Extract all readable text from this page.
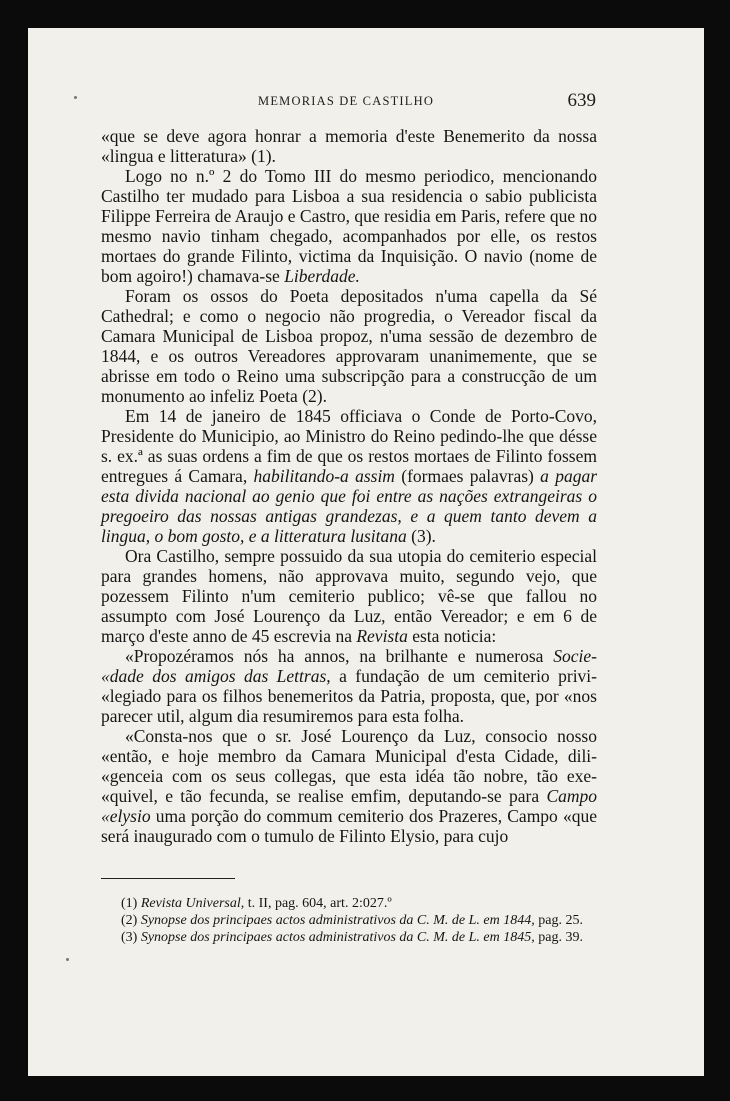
MEMORIAS DE CASTILHO	639

«que se deve agora honrar a memoria d'este Benemerito da nossa «lingua e litteratura» (1).

Logo no n.º 2 do Tomo III do mesmo periodico, mencionando Castilho ter mudado para Lisboa a sua residencia o sabio publicista Filippe Ferreira de Araujo e Castro, que residia em Paris, refere que no mesmo navio tinham chegado, acompanhados por elle, os restos mortaes do grande Filinto, victima da Inquisição. O navio (nome de bom agoiro!) chamava-se Liberdade.

Foram os ossos do Poeta depositados n'uma capella da Sé Cathedral; e como o negocio não progredia, o Vereador fiscal da Camara Municipal de Lisboa propoz, n'uma sessão de dezembro de 1844, e os outros Vereadores approvaram unanimemente, que se abrisse em todo o Reino uma subscripção para a construcção de um monumento ao infeliz Poeta (2).

Em 14 de janeiro de 1845 officiava o Conde de Porto-Covo, Presidente do Municipio, ao Ministro do Reino pedindo-lhe que désse s. ex.ª as suas ordens a fim de que os restos mortaes de Filinto fossem entregues á Camara, habilitando-a assim (formaes palavras) a pagar esta divida nacional ao genio que foi entre as nações extrangeiras o pregoeiro das nossas antigas grandezas, e a quem tanto devem a lingua, o bom gosto, e a litteratura lusitana (3).

Ora Castilho, sempre possuido da sua utopia do cemiterio especial para grandes homens, não approvava muito, segundo vejo, que pozessem Filinto n'um cemiterio publico; vê-se que fallou no assumpto com José Lourenço da Luz, então Vereador; e em 6 de março d'este anno de 45 escrevia na Revista esta noticia:

«Propozéramos nós ha annos, na brilhante e numerosa Socie- «dade dos amigos das Lettras, a fundação de um cemiterio privi- «legiado para os filhos benemeritos da Patria, proposta, que, por «nos parecer util, algum dia resumiremos para esta folha.

«Consta-nos que o sr. José Lourenço da Luz, consocio nosso «então, e hoje membro da Camara Municipal d'esta Cidade, dili- «genceia com os seus collegas, que esta idéa tão nobre, tão exe- «quivel, e tão fecunda, se realise emfim, deputando-se para Campo «elysio uma porção do commum cemiterio dos Prazeres, Campo «que será inaugurado com o tumulo de Filinto Elysio, para cujo

(1) Revista Universal, t. II, pag. 604, art. 2:027.º

(2) Synopse dos principaes actos administrativos da C. M. de L. em 1844, pag. 25.

(3) Synopse dos principaes actos administrativos da C. M. de L. em 1845, pag. 39.
